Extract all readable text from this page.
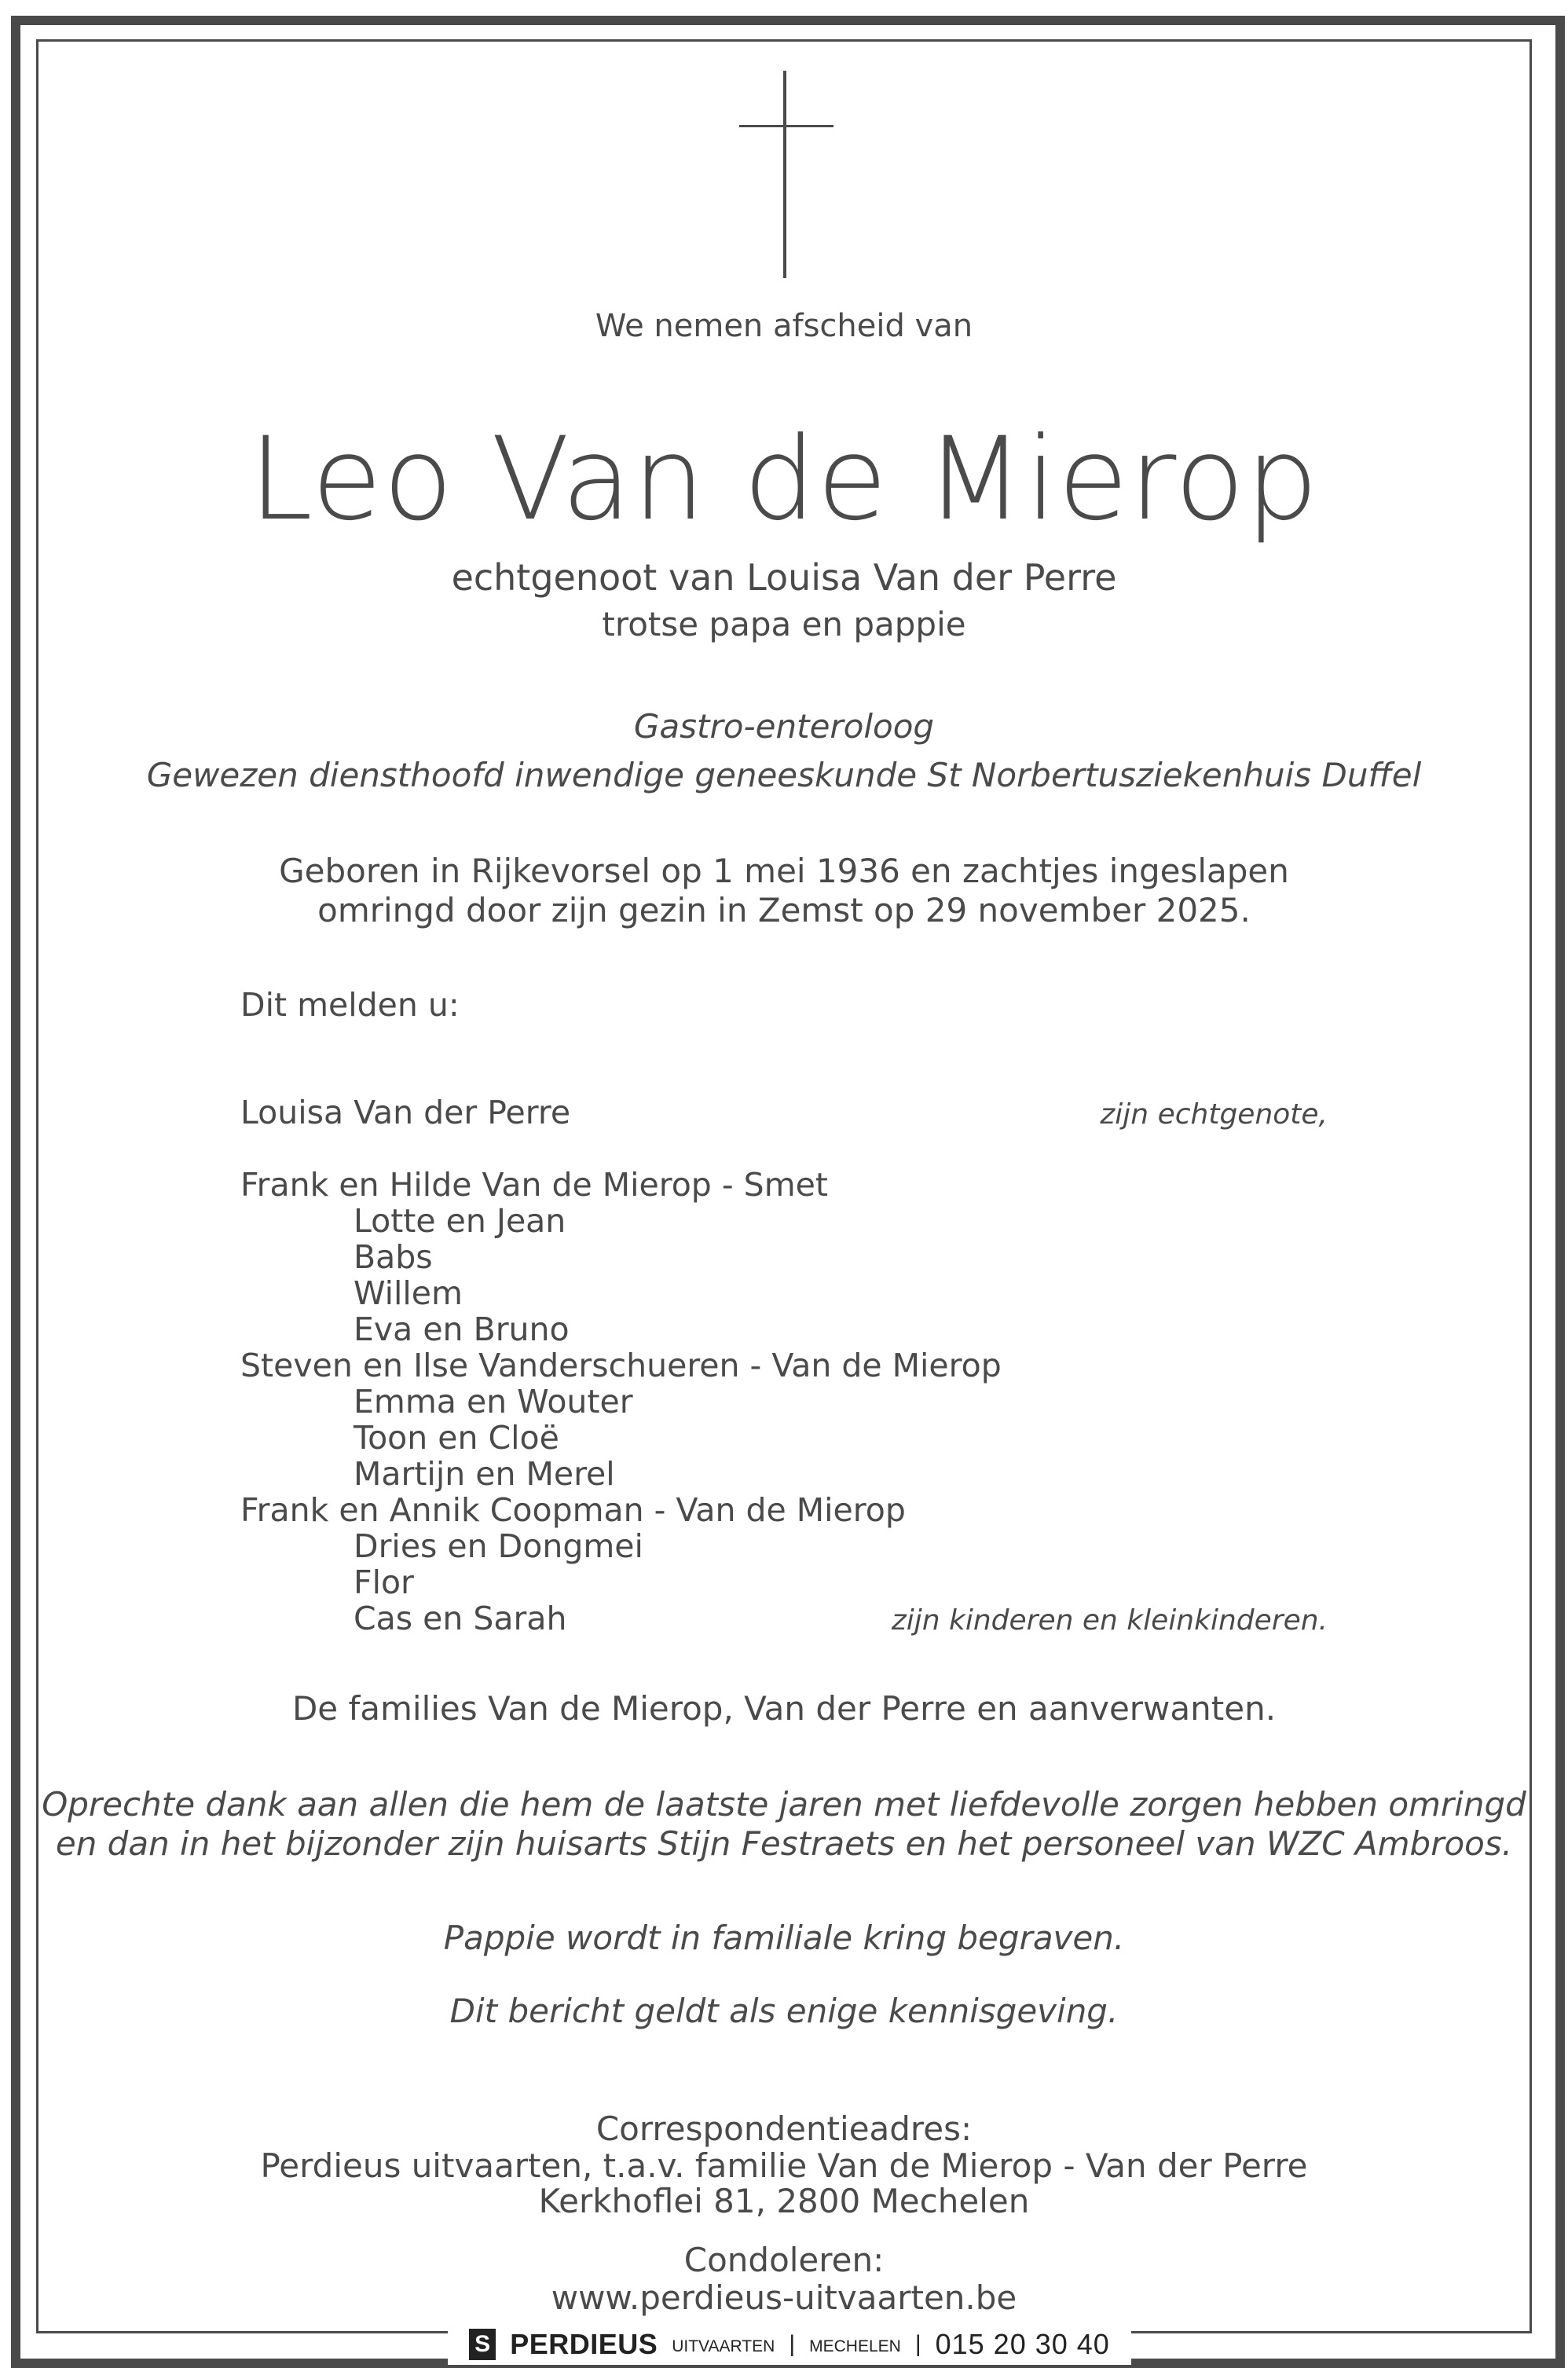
We nemen afscheid van
Leo Van de Mierop
echtgenoot van Louisa Van der Perre
trotse papa en pappie
Gastro-enteroloog
Gewezen diensthoofd inwendige geneeskunde St Norbertusziekenhuis Duffel
Geboren in Rijkevorsel op 1 mei 1936 en zachtjes ingeslapen
omringd door zijn gezin in Zemst op 29 november 2025.
Dit melden u:
Louisa Van der Perre	zijn echtgenote,
Frank en Hilde Van de Mierop - Smet
Lotte en Jean
Babs
Willem
Eva en Bruno
Steven en Ilse Vanderschueren - Van de Mierop
Emma en Wouter
Toon en Cloë
Martijn en Merel
Frank en Annik Coopman - Van de Mierop
Dries en Dongmei
Flor
Cas en Sarah	zijn kinderen en kleinkinderen.
De families Van de Mierop, Van der Perre en aanverwanten.
Oprechte dank aan allen die hem de laatste jaren met liefdevolle zorgen hebben omringd
en dan in het bijzonder zijn huisarts Stijn Festraets en het personeel van WZC Ambroos.
Pappie wordt in familiale kring begraven.
Dit bericht geldt als enige kennisgeving.
Correspondentieadres:
Perdieus uitvaarten, t.a.v. familie Van de Mierop - Van der Perre
Kerkhoflei 81, 2800 Mechelen
Condoleren:
www.perdieus-uitvaarten.be
S PERDIEUS uitvaarten | mechelen | 015 20 30 40
